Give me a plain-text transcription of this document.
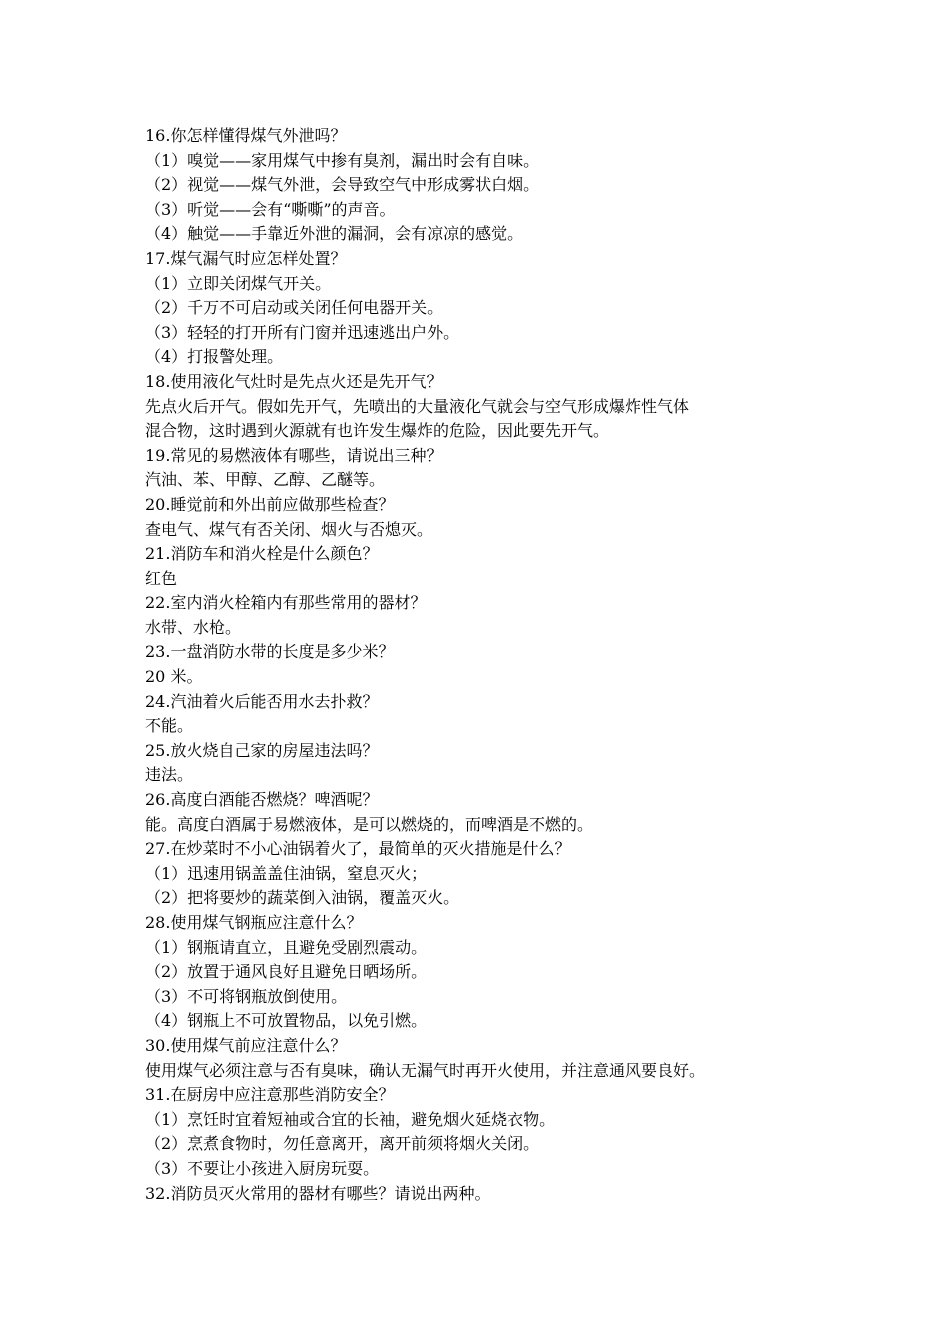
16.你怎样懂得煤气外泄吗？
（1）嗅觉——家用煤气中掺有臭剂，漏出时会有自味。
（2）视觉——煤气外泄，会导致空气中形成雾状白烟。
（3）听觉——会有“嘶嘶”的声音。
（4）触觉——手靠近外泄的漏洞，会有凉凉的感觉。
17.煤气漏气时应怎样处置？
（1）立即关闭煤气开关。
（2）千万不可启动或关闭任何电器开关。
（3）轻轻的打开所有门窗并迅速逃出户外。
（4）打报警处理。
18.使用液化气灶时是先点火还是先开气？
先点火后开气。假如先开气，先喷出的大量液化气就会与空气形成爆炸性气体
混合物，这时遇到火源就有也许发生爆炸的危险，因此要先开气。
19.常见的易燃液体有哪些，请说出三种？
汽油、苯、甲醇、乙醇、乙醚等。
20.睡觉前和外出前应做那些检查？
查电气、煤气有否关闭、烟火与否熄灭。
21.消防车和消火栓是什么颜色？
红色
22.室内消火栓箱内有那些常用的器材？
水带、水枪。
23.一盘消防水带的长度是多少米？
20 米。
24.汽油着火后能否用水去扑救？
不能。
25.放火烧自己家的房屋违法吗？
违法。
26.高度白酒能否燃烧？啤酒呢？
能。高度白酒属于易燃液体，是可以燃烧的，而啤酒是不燃的。
27.在炒菜时不小心油锅着火了，最简单的灭火措施是什么？
（1）迅速用锅盖盖住油锅，窒息灭火；
（2）把将要炒的蔬菜倒入油锅，覆盖灭火。
28.使用煤气钢瓶应注意什么？
（1）钢瓶请直立，且避免受剧烈震动。
（2）放置于通风良好且避免日晒场所。
（3）不可将钢瓶放倒使用。
（4）钢瓶上不可放置物品，以免引燃。
30.使用煤气前应注意什么？
使用煤气必须注意与否有臭味，确认无漏气时再开火使用，并注意通风要良好。
31.在厨房中应注意那些消防安全？
（1）烹饪时宜着短袖或合宜的长袖，避免烟火延烧衣物。
（2）烹煮食物时，勿任意离开，离开前须将烟火关闭。
（3）不要让小孩进入厨房玩耍。
32.消防员灭火常用的器材有哪些？请说出两种。
